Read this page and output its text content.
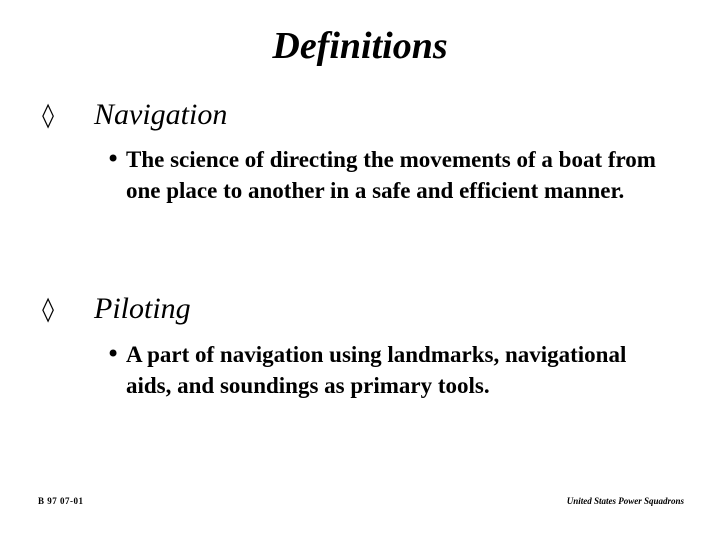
Definitions
◊ Navigation
• The science of directing the movements of a boat from one place to another in a safe and efficient manner.
◊ Piloting
• A part of navigation using landmarks, navigational aids, and soundings as primary tools.
B 97 07-01	United States Power Squadrons
